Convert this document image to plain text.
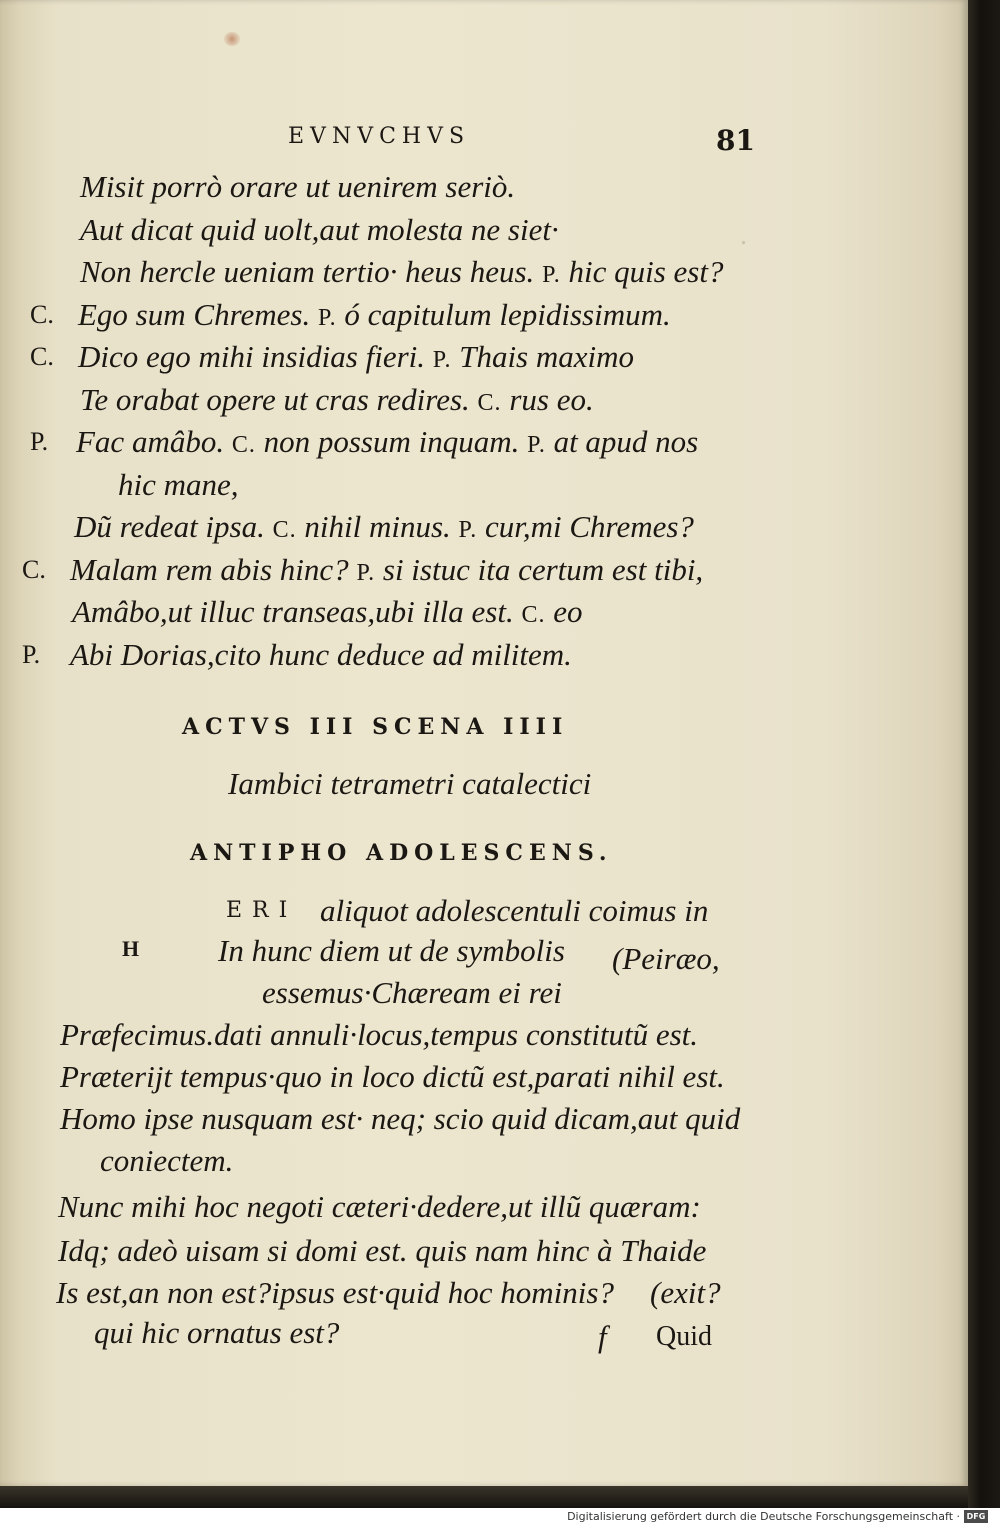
.
EVNVCHVS	81
Misit porrò orare ut uenirem seriò.
Aut dicat quid uolt,aut molesta ne siet·
Non hercle ueniam tertio· heus heus. P. hic quis est?
C. Ego sum Chremes. P. ó capitulum lepidissimum.
C. Dico ego mihi insidias fieri. P. Thais maximo
Te orabat opere ut cras redires. C. rus eo.
P. Fac amâbo. C. non possum inquam. P. at apud nos
hic mane,
Dũ redeat ipsa. C. nihil minus. P. cur,mi Chremes?
C. Malam rem abis hinc? P. si istuc ita certum est tibi,
Amâbo,ut illuc transeas,ubi illa est. C. eo
P. Abi Dorias,cito hunc deduce ad militem.
ACTVS III SCENA IIII
Iambici tetrametri catalectici
ANTIPHO ADOLESCENS.
H
ERI aliquot adolescentuli coimus in
In hunc diem ut de symbolis (Peiræo,
essemus·Chæream ei rei
Præfecimus.dati annuli·locus,tempus constitutũ est.
Præterijt tempus·quo in loco dictũ est,parati nihil est.
Homo ipse nusquam est· neq; scio quid dicam,aut quid
coniectem.
Nunc mihi hoc negoti cæteri·dedere,ut illũ quæram:
Idq; adeò uisam si domi est. quis nam hinc à Thaide
Is est,an non est?ipsus est·quid hoc hominis? (exit?
qui hic ornatus est?	f Quid
Digitalisierung gefördert durch die Deutsche Forschungsgemeinschaft · DFG
